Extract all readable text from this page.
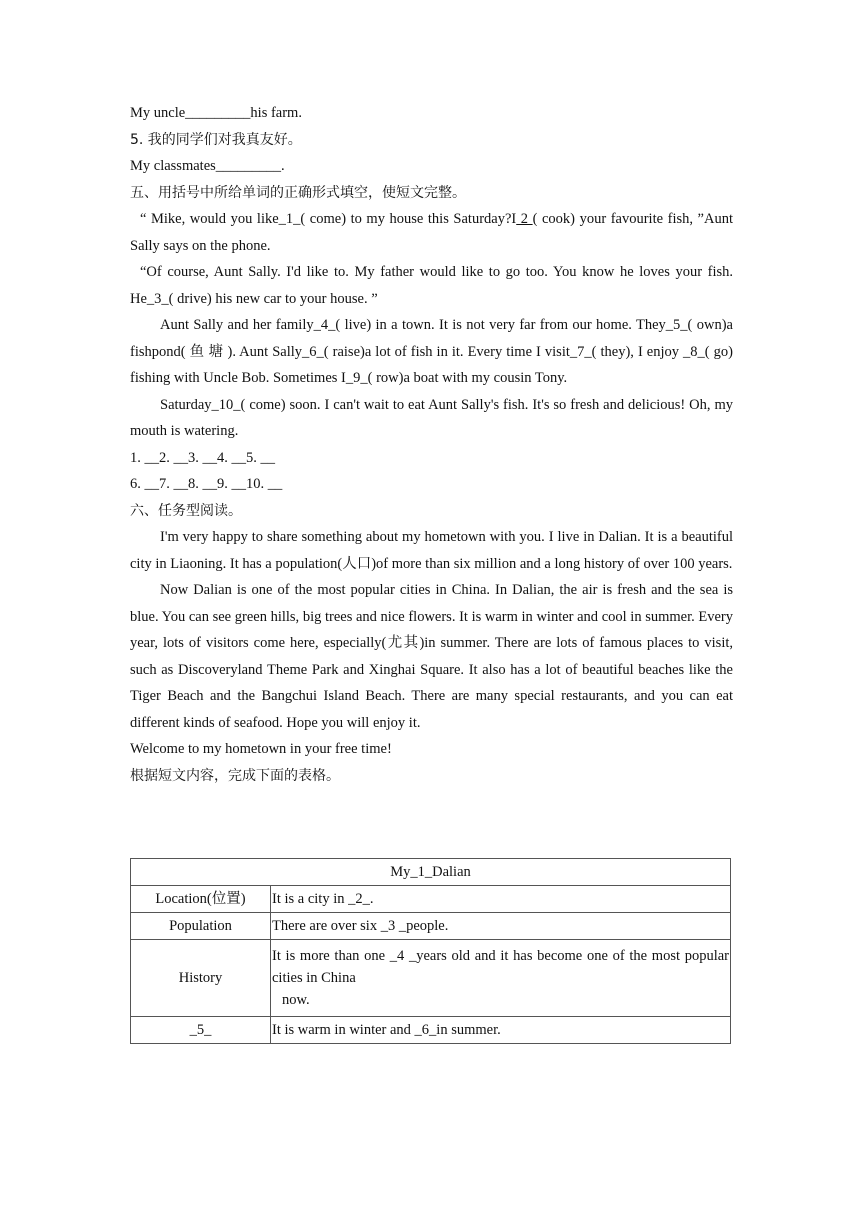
My uncle_________his farm.

5. 我的同学们对我真友好。

My classmates_________.

五、用括号中所给单词的正确形式填空，使短文完整。

“ Mike, would you like_1_( come) to my house this Saturday?I 2 ( cook) your favourite fish, ”Aunt Sally says on the phone.

“Of course, Aunt Sally. I'd like to. My father would like to go too. You know he loves your fish. He_3_( drive) his new car to your house. ”

Aunt Sally and her family_4_( live) in a town. It is not very far from our home. They_5_( own)a fishpond( 鱼 塘 ). Aunt Sally_6_( raise)a lot of fish in it. Every time I visit_7_( they), I enjoy _8_( go) fishing with Uncle Bob. Sometimes I_9_( row)a boat with my cousin Tony.

Saturday_10_( come) soon. I can't wait to eat Aunt Sally's fish. It's so fresh and delicious! Oh, my mouth is watering.

1. __2. __3. __4. __5. __

6. __7. __8. __9. __10. __

六、任务型阅读。

I'm very happy to share something about my hometown with you. I live in Dalian. It is a beautiful city in Liaoning. It has a population(人口)of more than six million and a long history of over 100 years.

Now Dalian is one of the most popular cities in China. In Dalian, the air is fresh and the sea is blue. You can see green hills, big trees and nice flowers. It is warm in winter and cool in summer. Every year, lots of visitors come here, especially(尤其)in summer. There are lots of famous places to visit, such as Discoveryland Theme Park and Xinghai Square. It also has a lot of beautiful beaches like the Tiger Beach and the Bangchui Island Beach. There are many special restaurants, and you can eat different kinds of seafood. Hope you will enjoy it.

Welcome to my hometown in your free time!

根据短文内容，完成下面的表格。

My_1_Dalian	
Location(位置)	It is a city in _2_.
Population	There are over six _3 _people.
History	It is more than one _4 _years old and it has become one of the most popular cities in China
now.

_5_	It is warm in winter and _6_in summer.
